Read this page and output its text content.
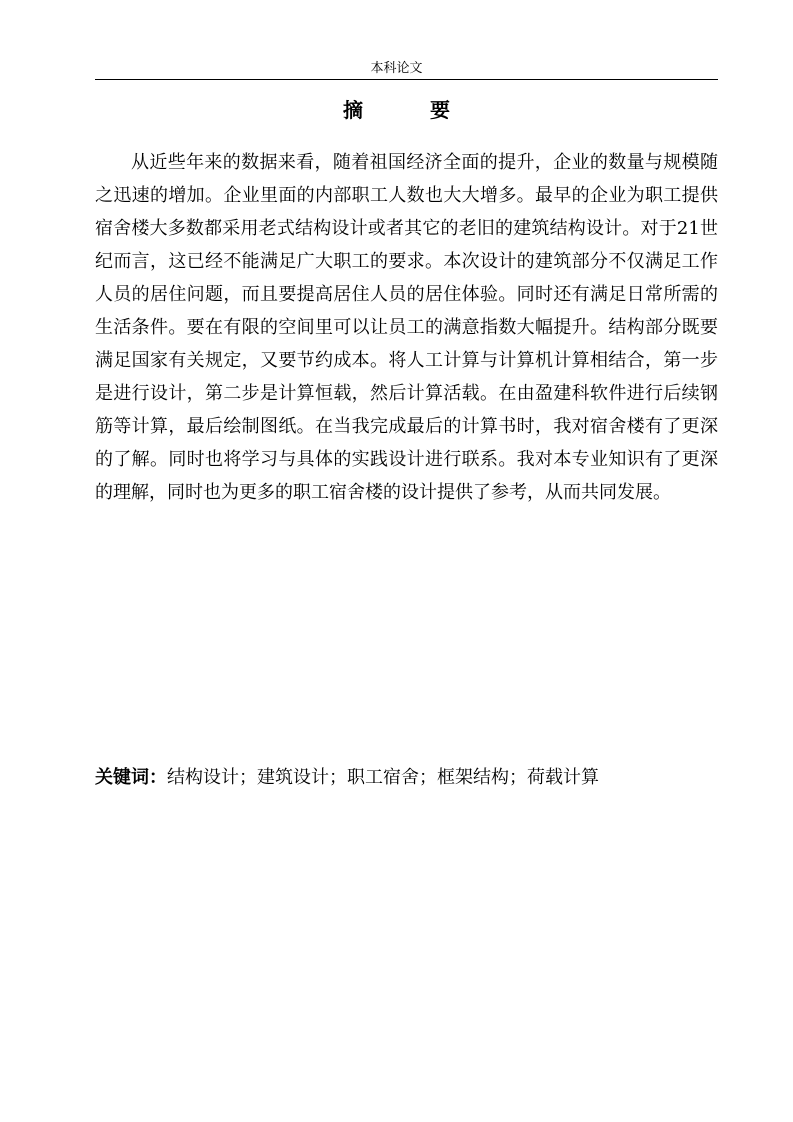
本科论文
摘 要

从近些年来的数据来看，随着祖国经济全面的提升，企业的数量与规模随之迅速的增加。企业里面的内部职工人数也大大增多。最早的企业为职工提供宿舍楼大多数都采用老式结构设计或者其它的老旧的建筑结构设计。对于21世纪而言，这已经不能满足广大职工的要求。本次设计的建筑部分不仅满足工作人员的居住问题，而且要提高居住人员的居住体验。同时还有满足日常所需的生活条件。要在有限的空间里可以让员工的满意指数大幅提升。结构部分既要满足国家有关规定，又要节约成本。将人工计算与计算机计算相结合，第一步是进行设计，第二步是计算恒载，然后计算活载。在由盈建科软件进行后续钢筋等计算，最后绘制图纸。在当我完成最后的计算书时，我对宿舍楼有了更深的了解。同时也将学习与具体的实践设计进行联系。我对本专业知识有了更深的理解，同时也为更多的职工宿舍楼的设计提供了参考，从而共同发展。

关键词：结构设计；建筑设计；职工宿舍；框架结构；荷载计算
